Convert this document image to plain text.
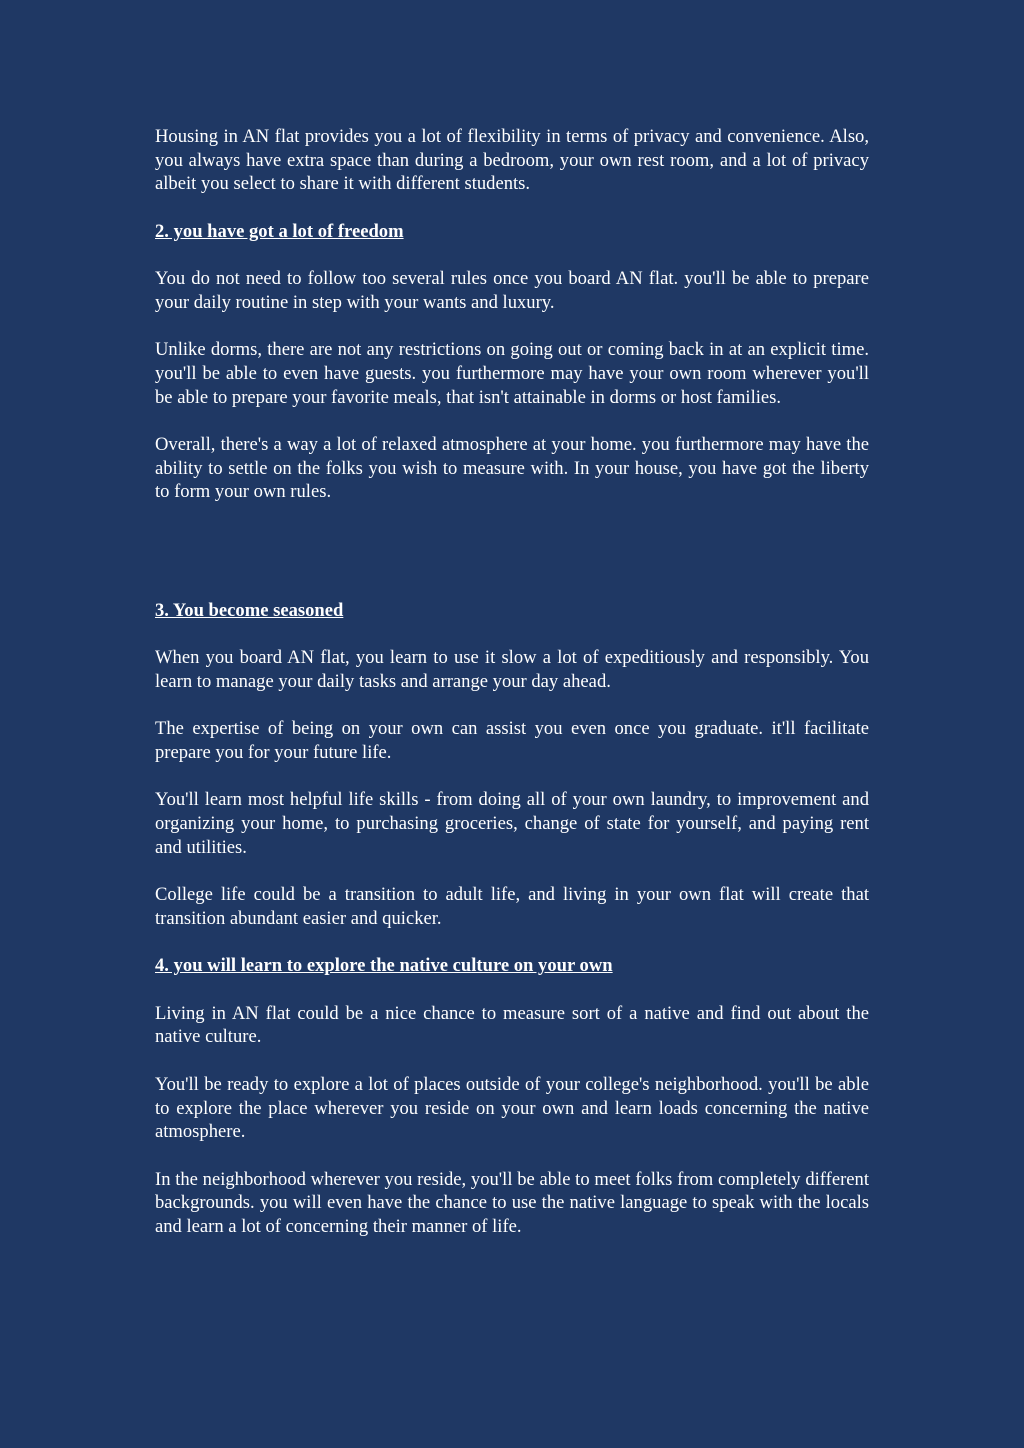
Housing in AN flat provides you a lot of flexibility in terms of privacy and convenience. Also, you always have extra space than during a bedroom, your own rest room, and a lot of privacy albeit you select to share it with different students.

2. you have got a lot of freedom

You do not need to follow too several rules once you board AN flat. you'll be able to prepare your daily routine in step with your wants and luxury.

Unlike dorms, there are not any restrictions on going out or coming back in at an explicit time. you'll be able to even have guests. you furthermore may have your own room wherever you'll be able to prepare your favorite meals, that isn't attainable in dorms or host families.

Overall, there's a way a lot of relaxed atmosphere at your home. you furthermore may have the ability to settle on the folks you wish to measure with. In your house, you have got the liberty to form your own rules.

3. You become seasoned

When you board AN flat, you learn to use it slow a lot of expeditiously and responsibly. You learn to manage your daily tasks and arrange your day ahead.

The expertise of being on your own can assist you even once you graduate. it'll facilitate prepare you for your future life.

You'll learn most helpful life skills - from doing all of your own laundry, to improvement and organizing your home, to purchasing groceries, change of state for yourself, and paying rent and utilities.

College life could be a transition to adult life, and living in your own flat will create that transition abundant easier and quicker.

4. you will learn to explore the native culture on your own

Living in AN flat could be a nice chance to measure sort of a native and find out about the native culture.

You'll be ready to explore a lot of places outside of your college's neighborhood. you'll be able to explore the place wherever you reside on your own and learn loads concerning the native atmosphere.

In the neighborhood wherever you reside, you'll be able to meet folks from completely different backgrounds. you will even have the chance to use the native language to speak with the locals and learn a lot of concerning their manner of life.
